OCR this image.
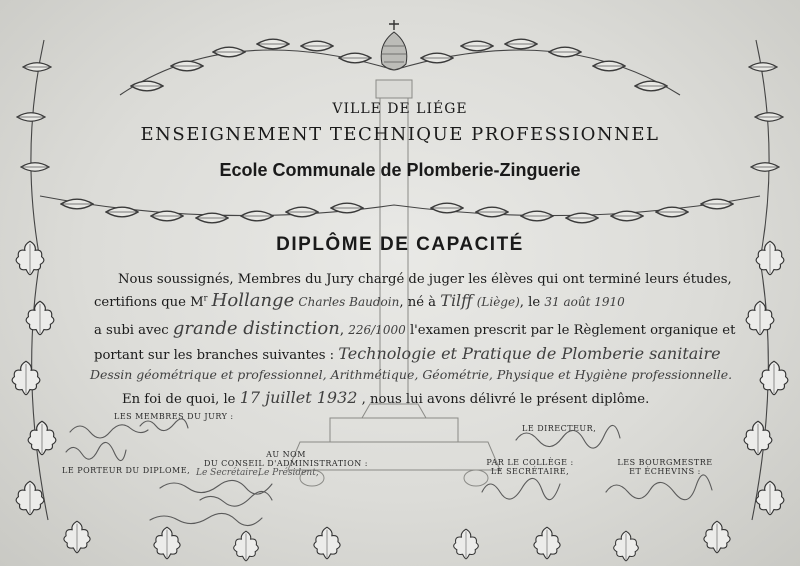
VILLE DE LIÉGE
ENSEIGNEMENT TECHNIQUE PROFESSIONNEL
Ecole Communale de Plomberie-Zinguerie
DIPLÔME DE CAPACITÉ
Nous soussignés, Membres du Jury chargé de juger les élèves qui ont terminé leurs études,
certifions que $M^r$ Hollange Charles Baudoin, né à Tilff (Liège), le 31 août 1910
a subi avec grande distinction, 226/1000 l'examen prescrit par le Règlement organique et
portant sur les branches suivantes : Technologie et Pratique de Plomberie sanitaire
Dessin géométrique et professionnel, Arithmétique, Géométrie, Physique et Hygiène professionnelle.
En foi de quoi, le 17 juillet 1932 , nous lui avons délivré le présent diplôme.
LES MEMBRES DU JURY :
LE DIRECTEUR,
AU NOM
DU CONSEIL D'ADMINISTRATION :
LE PORTEUR DU DIPLOME, Le Secrétaire,
Le Président,
PAR LE COLLÈGE :
LE SECRÉTAIRE,
LES BOURGMESTRE
ET ÉCHEVINS :
